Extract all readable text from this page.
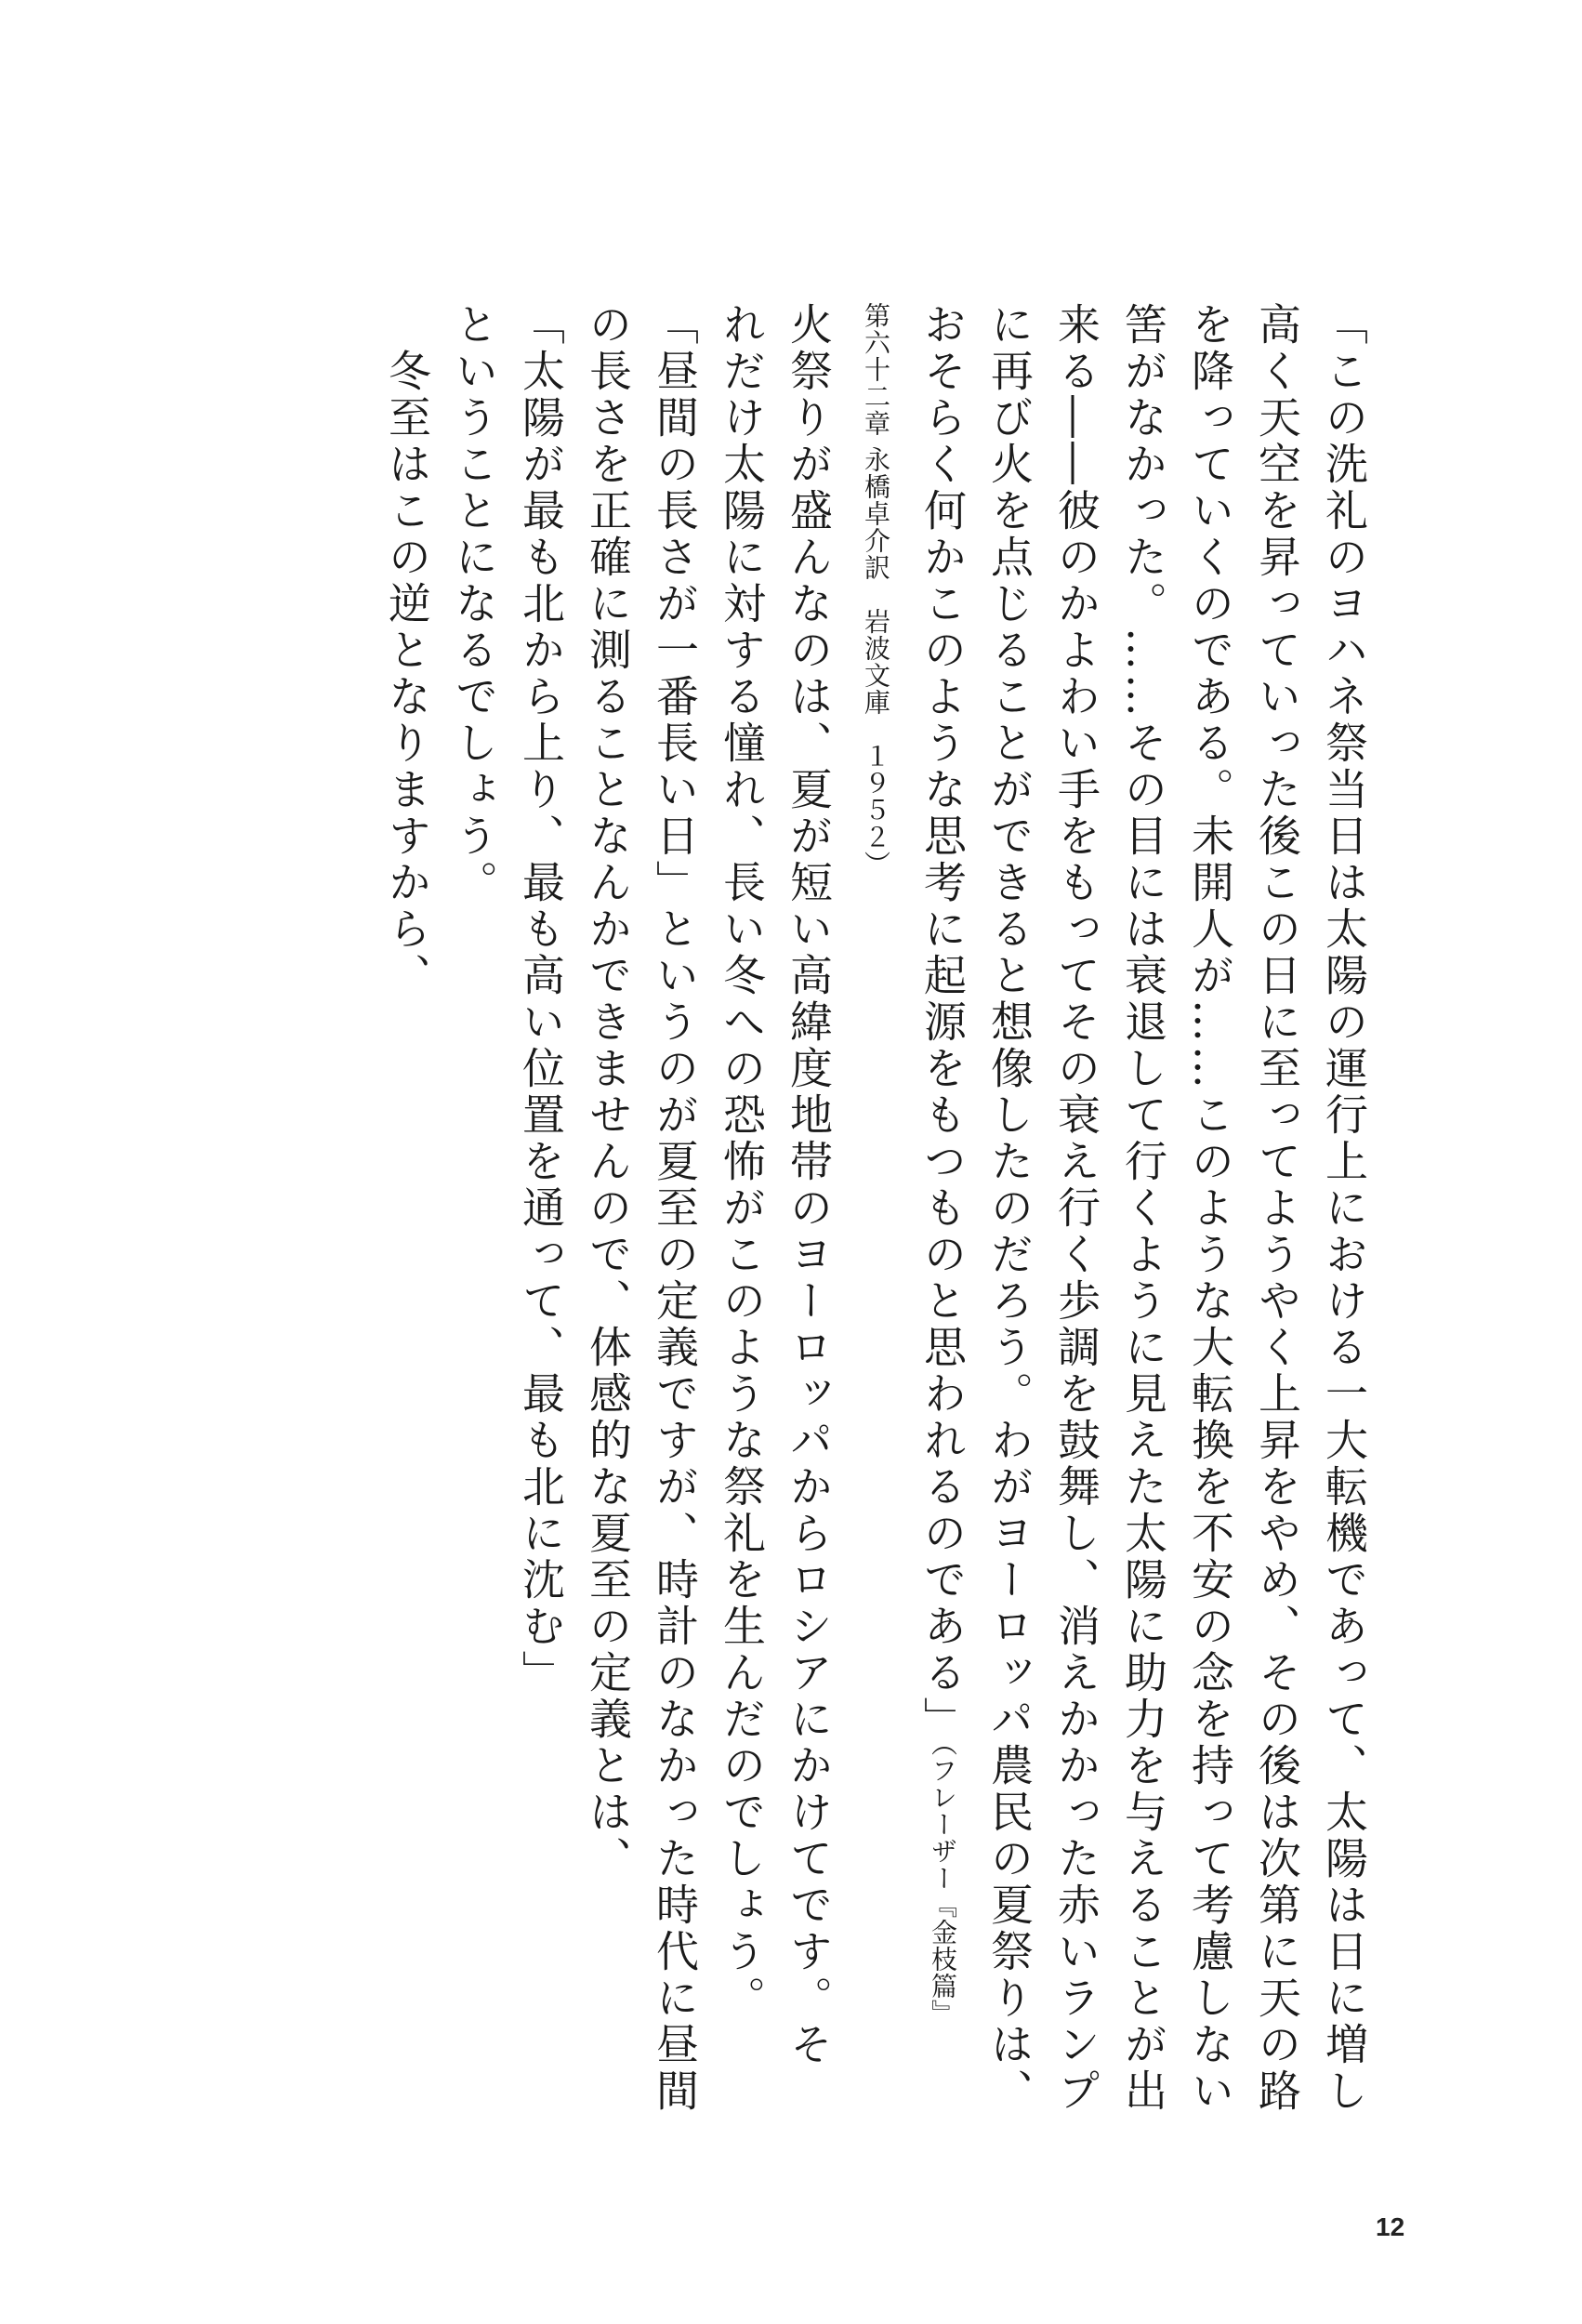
「この洗礼のヨハネ祭当日は太陽の運行上における一大転機であって、太陽は日に増し
高く天空を昇っていった後この日に至ってようやく上昇をやめ、その後は次第に天の路
を降っていくのである。未開人が……このような大転換を不安の念を持って考慮しない
筈がなかった。……その目には衰退して行くように見えた太陽に助力を与えることが出
来る――彼のかよわい手をもってその衰え行く歩調を鼓舞し、消えかかった赤いランプ
に再び火を点じることができると想像したのだろう。わがヨーロッパ農民の夏祭りは、
おそらく何かこのような思考に起源をもつものと思われるのである」（フレーザー『金枝篇』
第六十二章 永橋卓介訳　岩波文庫　１９５２）
火祭りが盛んなのは、夏が短い高緯度地帯のヨーロッパからロシアにかけてです。そ
れだけ太陽に対する憧れ、長い冬への恐怖がこのような祭礼を生んだのでしょう。
「昼間の長さが一番長い日」というのが夏至の定義ですが、時計のなかった時代に昼間
の長さを正確に測ることなんかできませんので、体感的な夏至の定義とは、
「太陽が最も北から上り、最も高い位置を通って、最も北に沈む」
ということになるでしょう。
　冬至はこの逆となりますから、
12
